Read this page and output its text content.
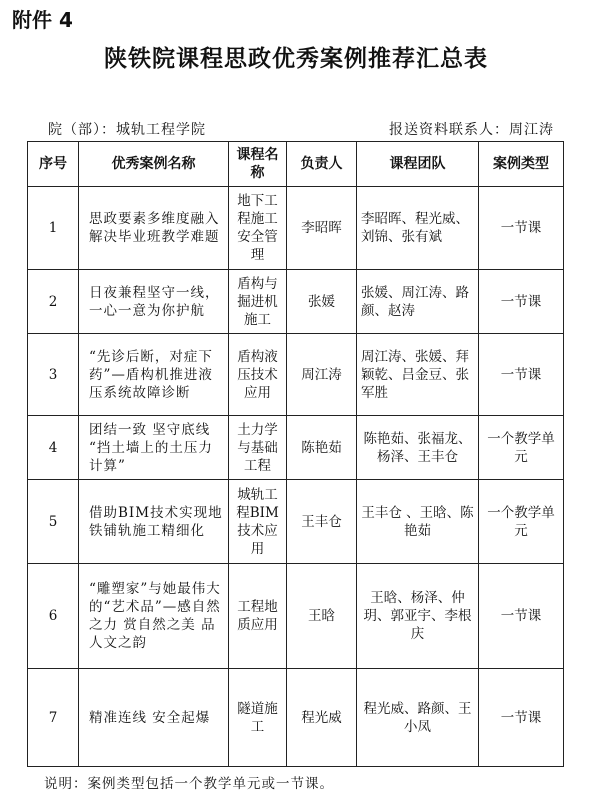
附件 4
陕铁院课程思政优秀案例推荐汇总表
院（部）：城轨工程学院	报送资料联系人：周江涛
序号	优秀案例名称	课程名称	负责人	课程团队	案例类型
1	思政要素多维度融入 解决毕业班教学难题	地下工程施工安全管理	李昭晖	李昭晖、程光威、刘锦、张有斌	一节课
2	日夜兼程坚守一线，一心一意为你护航	盾构与掘进机施工	张媛	张媛、周江涛、路颜、赵涛	一节课
3	“先诊后断，对症下药”—盾构机推进液压系统故障诊断	盾构液压技术应用	周江涛	周江涛、张媛、拜颖乾、吕金豆、张军胜	一节课
4	团结一致 坚守底线 “挡土墙上的土压力计算”	土力学与基础工程	陈艳茹	陈艳茹、张福龙、 杨泽、王丰仓	一个教学单元
5	借助BIM技术实现地铁铺轨施工精细化	城轨工程BIM技术应用	王丰仓	王丰仓 、王晗、陈艳茹	一个教学单元
6	“雕塑家”与她最伟大的“艺术品”—感自然之力 赏自然之美 品人文之韵	工程地质应用	王晗	王晗、杨泽、仲玥、郭亚宇、李根庆	一节课
7	精准连线 安全起爆	隧道施工	程光威	程光威、路颜、王小凤	一节课
说明：案例类型包括一个教学单元或一节课。
